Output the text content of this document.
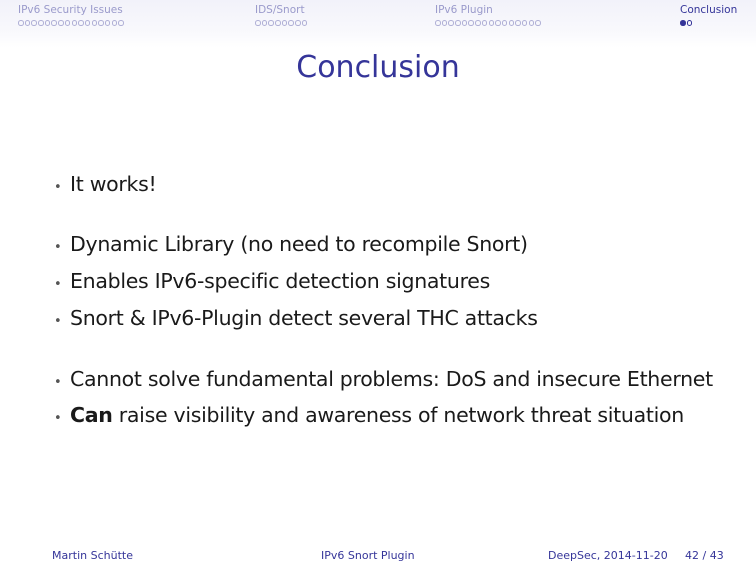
IPv6 Security Issues	IDS/Snort	IPv6 Plugin	Conclusion
Conclusion
• It works!
• Dynamic Library (no need to recompile Snort)
• Enables IPv6-specific detection signatures
• Snort & IPv6-Plugin detect several THC attacks
• Cannot solve fundamental problems: DoS and insecure Ethernet
• Can raise visibility and awareness of network threat situation
Martin Schütte	IPv6 Snort Plugin	DeepSec, 2014-11-20 42 / 43
